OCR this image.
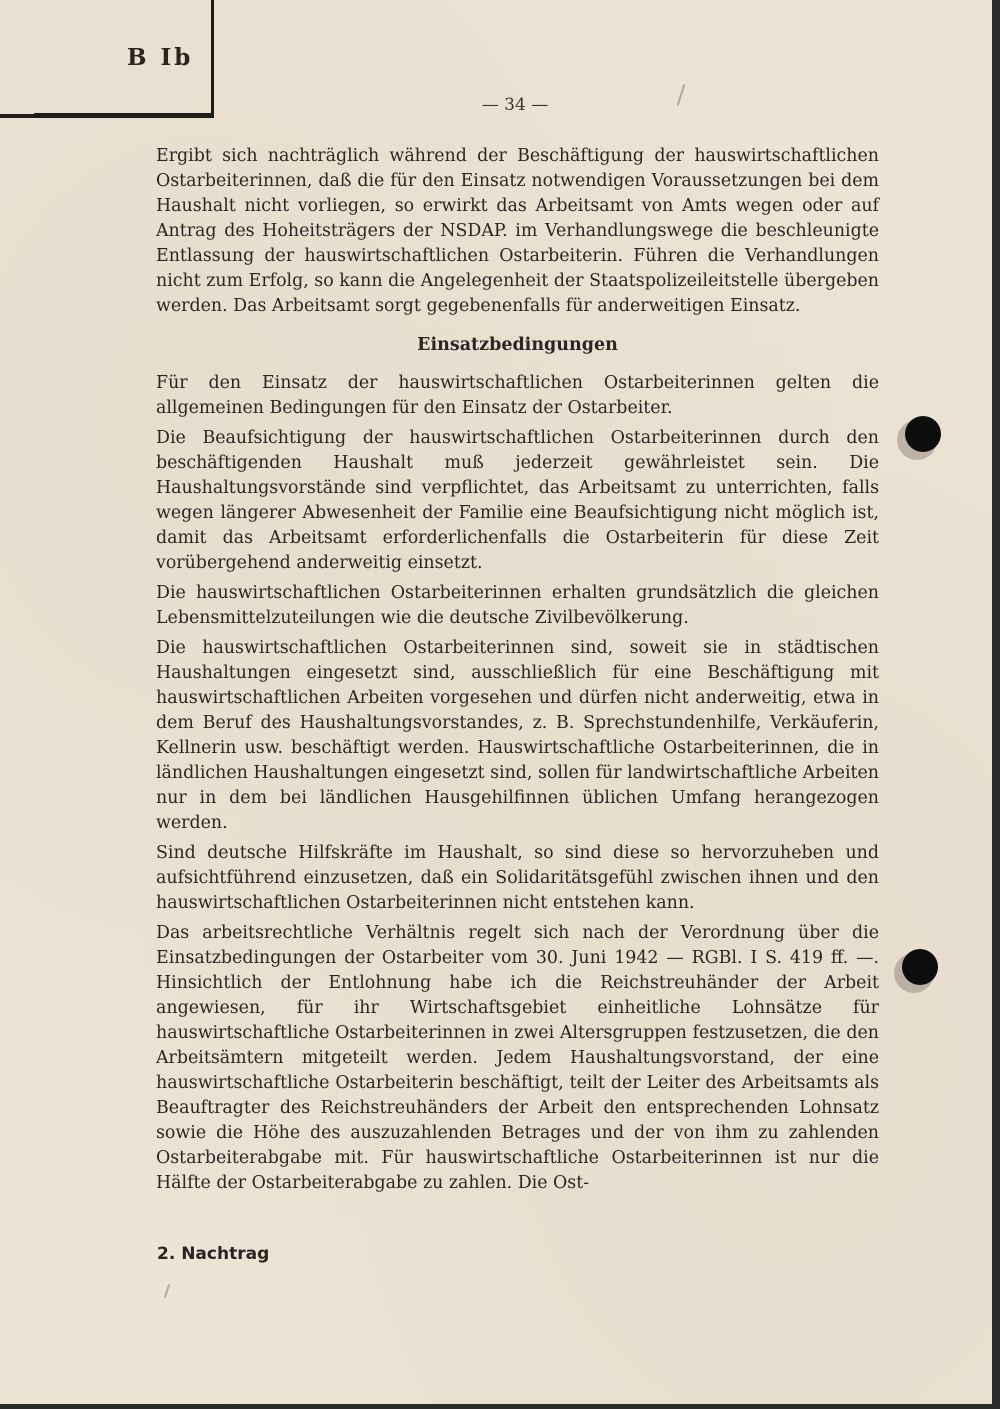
B Ib
— 34 —

Ergibt sich nachträglich während der Beschäftigung der hauswirtschaftlichen Ostarbeiterinnen, daß die für den Einsatz notwendigen Voraussetzungen bei dem Haushalt nicht vorliegen, so erwirkt das Arbeitsamt von Amts wegen oder auf Antrag des Hoheitsträgers der NSDAP. im Verhandlungswege die beschleunigte Entlassung der hauswirtschaftlichen Ostarbeiterin. Führen die Verhandlungen nicht zum Erfolg, so kann die Angelegenheit der Staatspolizeileitstelle übergeben werden. Das Arbeitsamt sorgt gegebenenfalls für anderweitigen Einsatz.

Einsatzbedingungen

Für den Einsatz der hauswirtschaftlichen Ostarbeiterinnen gelten die allgemeinen Bedingungen für den Einsatz der Ostarbeiter.

Die Beaufsichtigung der hauswirtschaftlichen Ostarbeiterinnen durch den beschäftigenden Haushalt muß jederzeit gewährleistet sein. Die Haushaltungsvorstände sind verpflichtet, das Arbeitsamt zu unterrichten, falls wegen längerer Abwesenheit der Familie eine Beaufsichtigung nicht möglich ist, damit das Arbeitsamt erforderlichenfalls die Ostarbeiterin für diese Zeit vorübergehend anderweitig einsetzt.

Die hauswirtschaftlichen Ostarbeiterinnen erhalten grundsätzlich die gleichen Lebensmittelzuteilungen wie die deutsche Zivilbevölkerung.

Die hauswirtschaftlichen Ostarbeiterinnen sind, soweit sie in städtischen Haushaltungen eingesetzt sind, ausschließlich für eine Beschäftigung mit hauswirtschaftlichen Arbeiten vorgesehen und dürfen nicht anderweitig, etwa in dem Beruf des Haushaltungsvorstandes, z. B. Sprechstundenhilfe, Verkäuferin, Kellnerin usw. beschäftigt werden. Hauswirtschaftliche Ostarbeiterinnen, die in ländlichen Haushaltungen eingesetzt sind, sollen für landwirtschaftliche Arbeiten nur in dem bei ländlichen Hausgehilfinnen üblichen Umfang herangezogen werden.

Sind deutsche Hilfskräfte im Haushalt, so sind diese so hervorzuheben und aufsichtführend einzusetzen, daß ein Solidaritätsgefühl zwischen ihnen und den hauswirtschaftlichen Ostarbeiterinnen nicht entstehen kann.

Das arbeitsrechtliche Verhältnis regelt sich nach der Verordnung über die Einsatzbedingungen der Ostarbeiter vom 30. Juni 1942 — RGBl. I S. 419 ff. —. Hinsichtlich der Entlohnung habe ich die Reichstreuhänder der Arbeit angewiesen, für ihr Wirtschaftsgebiet einheitliche Lohnsätze für hauswirtschaftliche Ostarbeiterinnen in zwei Altersgruppen festzusetzen, die den Arbeitsämtern mitgeteilt werden. Jedem Haushaltungsvorstand, der eine hauswirtschaftliche Ostarbeiterin beschäftigt, teilt der Leiter des Arbeitsamts als Beauftragter des Reichstreuhänders der Arbeit den entsprechenden Lohnsatz sowie die Höhe des auszuzahlenden Betrages und der von ihm zu zahlenden Ostarbeiterabgabe mit. Für hauswirtschaftliche Ostarbeiterinnen ist nur die Hälfte der Ostarbeiterabgabe zu zahlen. Die Ost-

2. Nachtrag
